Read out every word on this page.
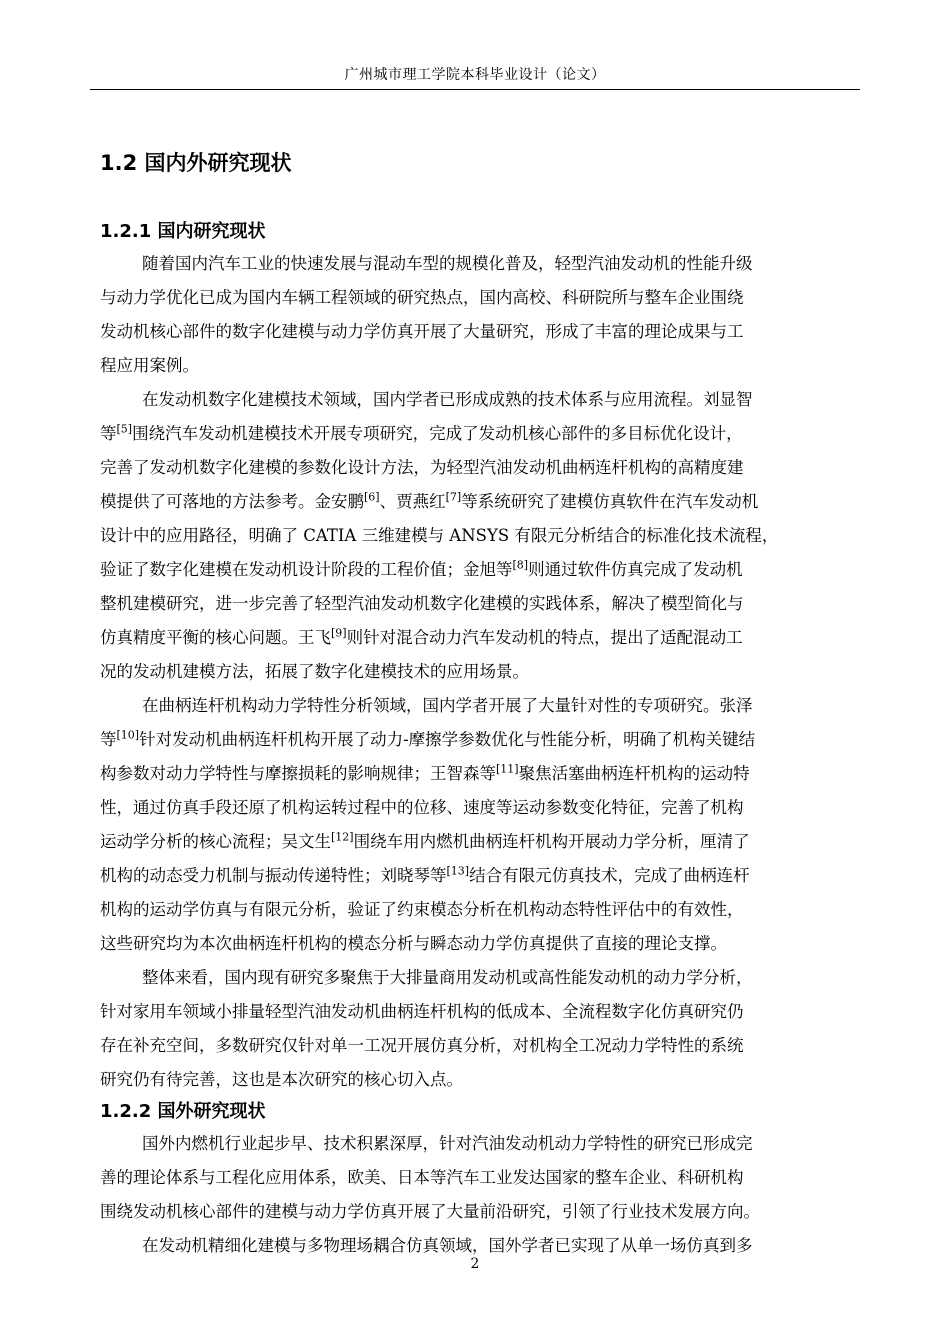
广州城市理工学院本科毕业设计（论文）
1.2 国内外研究现状
1.2.1 国内研究现状
随着国内汽车工业的快速发展与混动车型的规模化普及，轻型汽油发动机的性能升级
与动力学优化已成为国内车辆工程领域的研究热点，国内高校、科研院所与整车企业围绕
发动机核心部件的数字化建模与动力学仿真开展了大量研究，形成了丰富的理论成果与工
程应用案例。
在发动机数字化建模技术领域，国内学者已形成成熟的技术体系与应用流程。刘显智
等[5]围绕汽车发动机建模技术开展专项研究，完成了发动机核心部件的多目标优化设计，
完善了发动机数字化建模的参数化设计方法，为轻型汽油发动机曲柄连杆机构的高精度建
模提供了可落地的方法参考。金安鹏[6]、贾燕红[7]等系统研究了建模仿真软件在汽车发动机
设计中的应用路径，明确了 CATIA 三维建模与 ANSYS 有限元分析结合的标准化技术流程，
验证了数字化建模在发动机设计阶段的工程价值；金旭等[8]则通过软件仿真完成了发动机
整机建模研究，进一步完善了轻型汽油发动机数字化建模的实践体系，解决了模型简化与
仿真精度平衡的核心问题。王飞[9]则针对混合动力汽车发动机的特点，提出了适配混动工
况的发动机建模方法，拓展了数字化建模技术的应用场景。
在曲柄连杆机构动力学特性分析领域，国内学者开展了大量针对性的专项研究。张泽
等[10]针对发动机曲柄连杆机构开展了动力-摩擦学参数优化与性能分析，明确了机构关键结
构参数对动力学特性与摩擦损耗的影响规律；王智森等[11]聚焦活塞曲柄连杆机构的运动特
性，通过仿真手段还原了机构运转过程中的位移、速度等运动参数变化特征，完善了机构
运动学分析的核心流程；吴文生[12]围绕车用内燃机曲柄连杆机构开展动力学分析，厘清了
机构的动态受力机制与振动传递特性；刘晓琴等[13]结合有限元仿真技术，完成了曲柄连杆
机构的运动学仿真与有限元分析，验证了约束模态分析在机构动态特性评估中的有效性，
这些研究均为本次曲柄连杆机构的模态分析与瞬态动力学仿真提供了直接的理论支撑。
整体来看，国内现有研究多聚焦于大排量商用发动机或高性能发动机的动力学分析，
针对家用车领域小排量轻型汽油发动机曲柄连杆机构的低成本、全流程数字化仿真研究仍
存在补充空间，多数研究仅针对单一工况开展仿真分析，对机构全工况动力学特性的系统
研究仍有待完善，这也是本次研究的核心切入点。
1.2.2 国外研究现状
国外内燃机行业起步早、技术积累深厚，针对汽油发动机动力学特性的研究已形成完
善的理论体系与工程化应用体系，欧美、日本等汽车工业发达国家的整车企业、科研机构
围绕发动机核心部件的建模与动力学仿真开展了大量前沿研究，引领了行业技术发展方向。
在发动机精细化建模与多物理场耦合仿真领域，国外学者已实现了从单一场仿真到多
2
